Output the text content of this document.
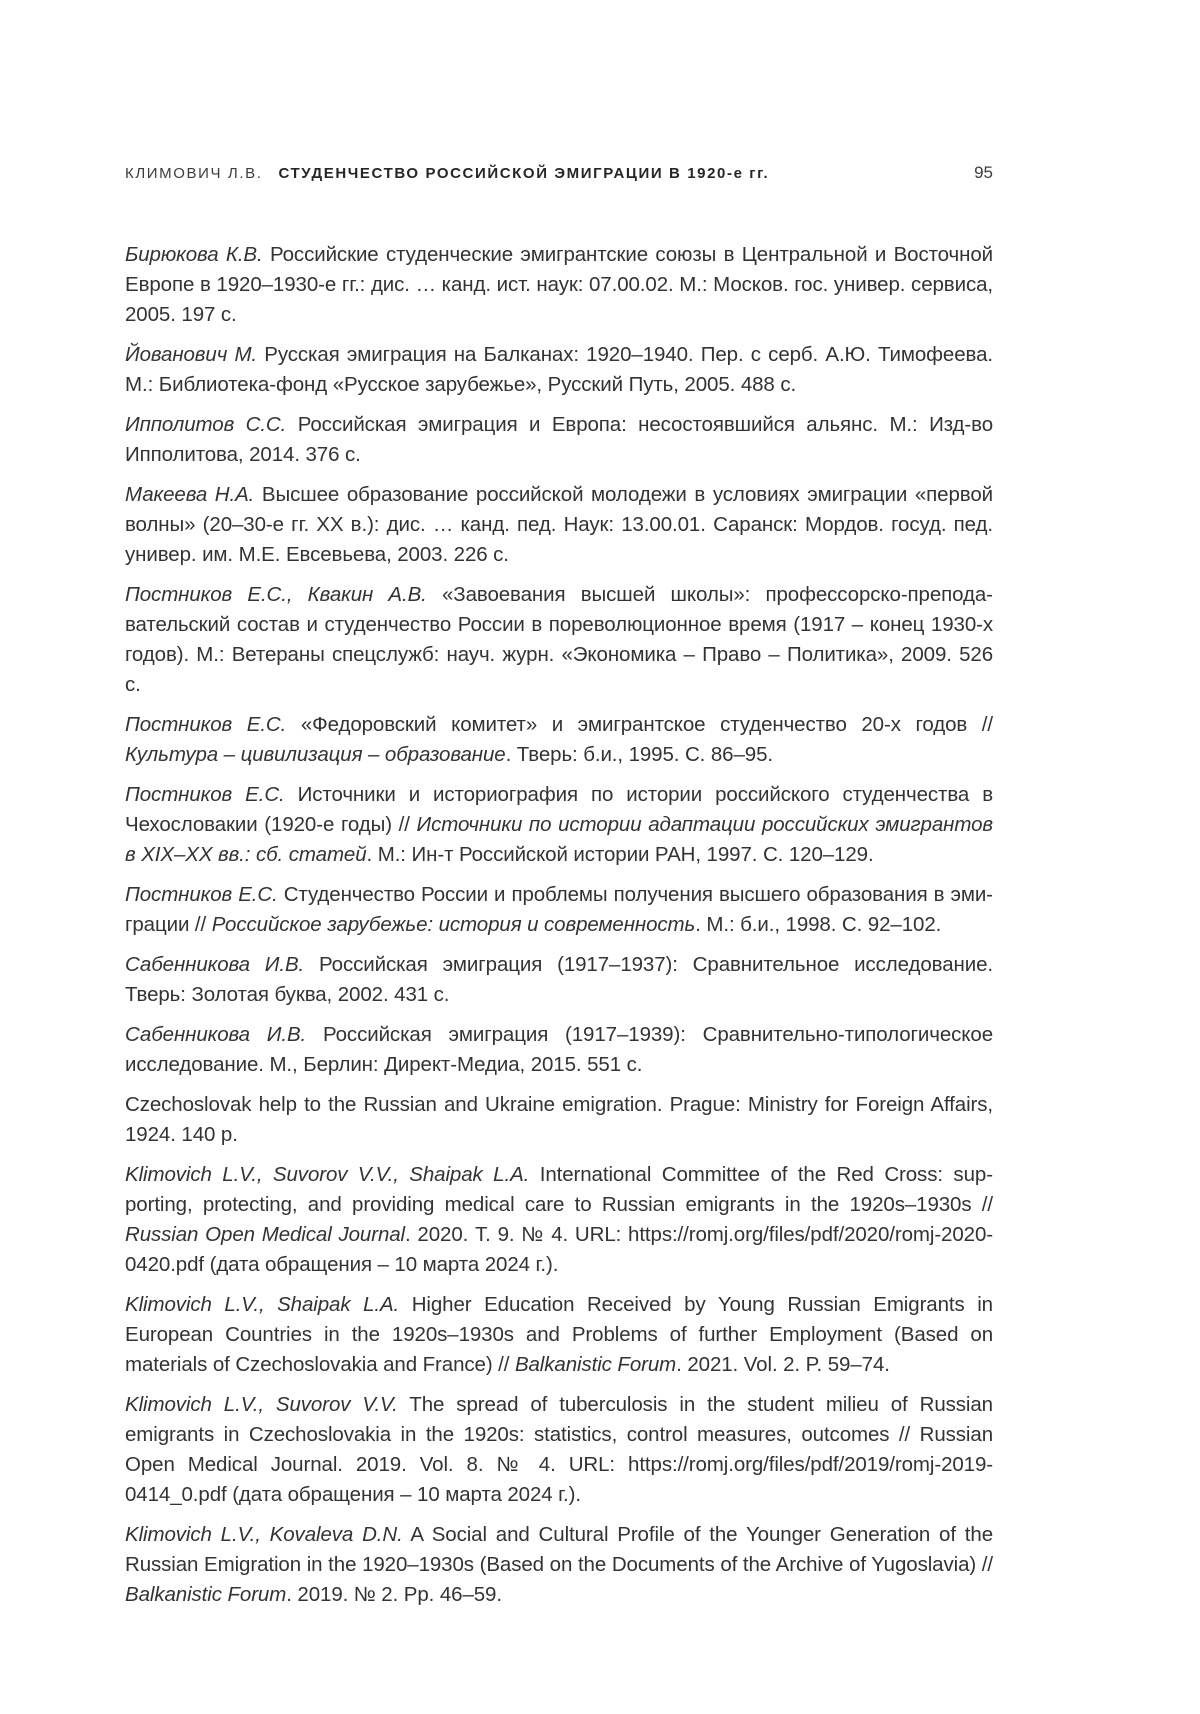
КЛИМОВИЧ Л.В. СТУДЕНЧЕСТВО РОССИЙСКОЙ ЭМИГРАЦИИ В 1920-е гг.	95

Бирюкова К.В. Российские студенческие эмигрантские союзы в Центральной и Восточной Европе в 1920–1930-е гг.: дис. … канд. ист. наук: 07.00.02. М.: Москов. гос. универ. сервиса, 2005. 197 с.

Йованович М. Русская эмиграция на Балканах: 1920–1940. Пер. с серб. А.Ю. Тимофеева. М.: Библиотека-фонд «Русское зарубежье», Русский Путь, 2005. 488 с.

Ипполитов С.С. Российская эмиграция и Европа: несостоявшийся альянс. М.: Изд-во Ипполитова, 2014. 376 с.

Макеева Н.А. Высшее образование российской молодежи в условиях эмиграции «первой волны» (20–30-е гг. XX в.): дис. … канд. пед. Наук: 13.00.01. Саранск: Мордов. госуд. пед. универ. им. М.Е. Евсевьева, 2003. 226 с.

Постников Е.С., Квакин А.В. «Завоевания высшей школы»: профессорско-преподавательский состав и студенчество России в пореволюционное время (1917 – конец 1930-х годов). М.: Ветераны спецслужб: науч. журн. «Экономика – Право – Политика», 2009. 526 с.

Постников Е.С. «Федоровский комитет» и эмигрантское студенчество 20-х годов // Культура – цивилизация – образование. Тверь: б.и., 1995. С. 86–95.

Постников Е.С. Источники и историография по истории российского студенчества в Чехословакии (1920-е годы) // Источники по истории адаптации российских эмигрантов в XIX–XX вв.: сб. статей. М.: Ин-т Российской истории РАН, 1997. С. 120–129.

Постников Е.С. Студенчество России и проблемы получения высшего образования в эмиграции // Российское зарубежье: история и современность. М.: б.и., 1998. С. 92–102.

Сабенникова И.В. Российская эмиграция (1917–1937): Сравнительное исследование. Тверь: Золотая буква, 2002. 431 с.

Сабенникова И.В. Российская эмиграция (1917–1939): Сравнительно-типологическое исследование. М., Берлин: Директ-Медиа, 2015. 551 с.

Czechoslovak help to the Russian and Ukraine emigration. Prague: Ministry for Foreign Affairs, 1924. 140 p.

Klimovich L.V., Suvorov V.V., Shaipak L.A. International Committee of the Red Cross: supporting, protecting, and providing medical care to Russian emigrants in the 1920s–1930s // Russian Open Medical Journal. 2020. Т. 9. № 4. URL: https://romj.org/files/pdf/2020/romj-2020-0420.pdf (дата обращения – 10 марта 2024 г.).

Klimovich L.V., Shaipak L.A. Higher Education Received by Young Russian Emigrants in European Countries in the 1920s–1930s and Problems of further Employment (Based on materials of Czechoslovakia and France) // Balkanistic Forum. 2021. Vol. 2. P. 59–74.

Klimovich L.V., Suvorov V.V. The spread of tuberculosis in the student milieu of Russian emigrants in Czechoslovakia in the 1920s: statistics, control measures, outcomes // Russian Open Medical Journal. 2019. Vol. 8. № 4. URL: https://romj.org/files/pdf/2019/romj-2019-0414_0.pdf (дата обращения – 10 марта 2024 г.).

Klimovich L.V., Kovaleva D.N. A Social and Cultural Profile of the Younger Generation of the Russian Emigration in the 1920–1930s (Based on the Documents of the Archive of Yugoslavia) // Balkanistic Forum. 2019. № 2. Pp. 46–59.
